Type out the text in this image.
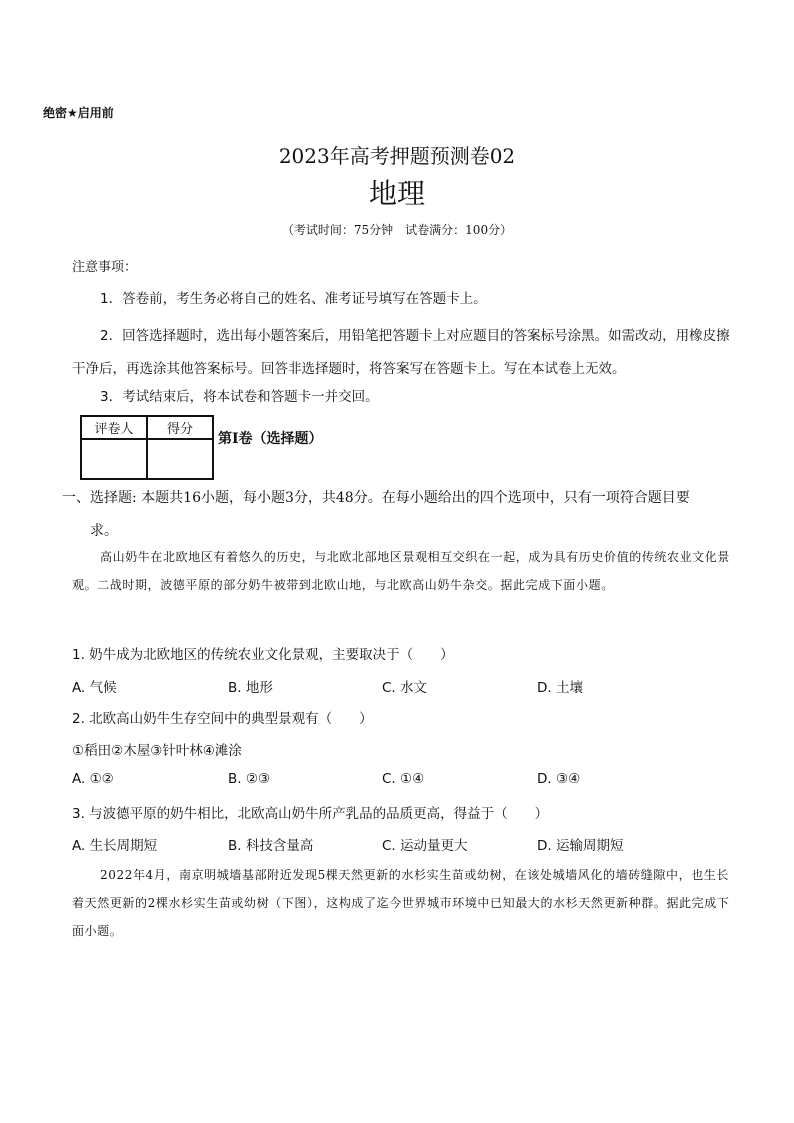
绝密★启用前
2023年高考押题预测卷02
地理
（考试时间：75分钟　试卷满分：100分）
注意事项：
1．答卷前，考生务必将自己的姓名、准考证号填写在答题卡上。
2．回答选择题时，选出每小题答案后，用铅笔把答题卡上对应题目的答案标号涂黑。如需改动，用橡皮擦干净后，再选涂其他答案标号。回答非选择题时，将答案写在答题卡上。写在本试卷上无效。
3．考试结束后，将本试卷和答题卡一并交回。
评卷人	得分

第I卷（选择题）
一、选择题: 本题共16小题，每小题3分，共48分。在每小题给出的四个选项中，只有一项符合题目要
求。
高山奶牛在北欧地区有着悠久的历史，与北欧北部地区景观相互交织在一起，成为具有历史价值的传统农业文化景观。二战时期，波德平原的部分奶牛被带到北欧山地，与北欧高山奶牛杂交。据此完成下面小题。
1. 奶牛成为北欧地区的传统农业文化景观，主要取决于（　　）
A. 气候	B. 地形	C. 水文	D. 土壤
2. 北欧高山奶牛生存空间中的典型景观有（　　）
①稻田②木屋③针叶林④滩涂
A. ①②	B. ②③	C. ①④	D. ③④
3. 与波德平原的奶牛相比，北欧高山奶牛所产乳品的品质更高，得益于（　　）
A. 生长周期短	B. 科技含量高	C. 运动量更大	D. 运输周期短
2022年4月，南京明城墙基部附近发现5棵天然更新的水杉实生苗或幼树，在该处城墙风化的墙砖缝隙中，也生长着天然更新的2棵水杉实生苗或幼树（下图），这构成了迄今世界城市环境中已知最大的水杉天然更新种群。据此完成下面小题。
